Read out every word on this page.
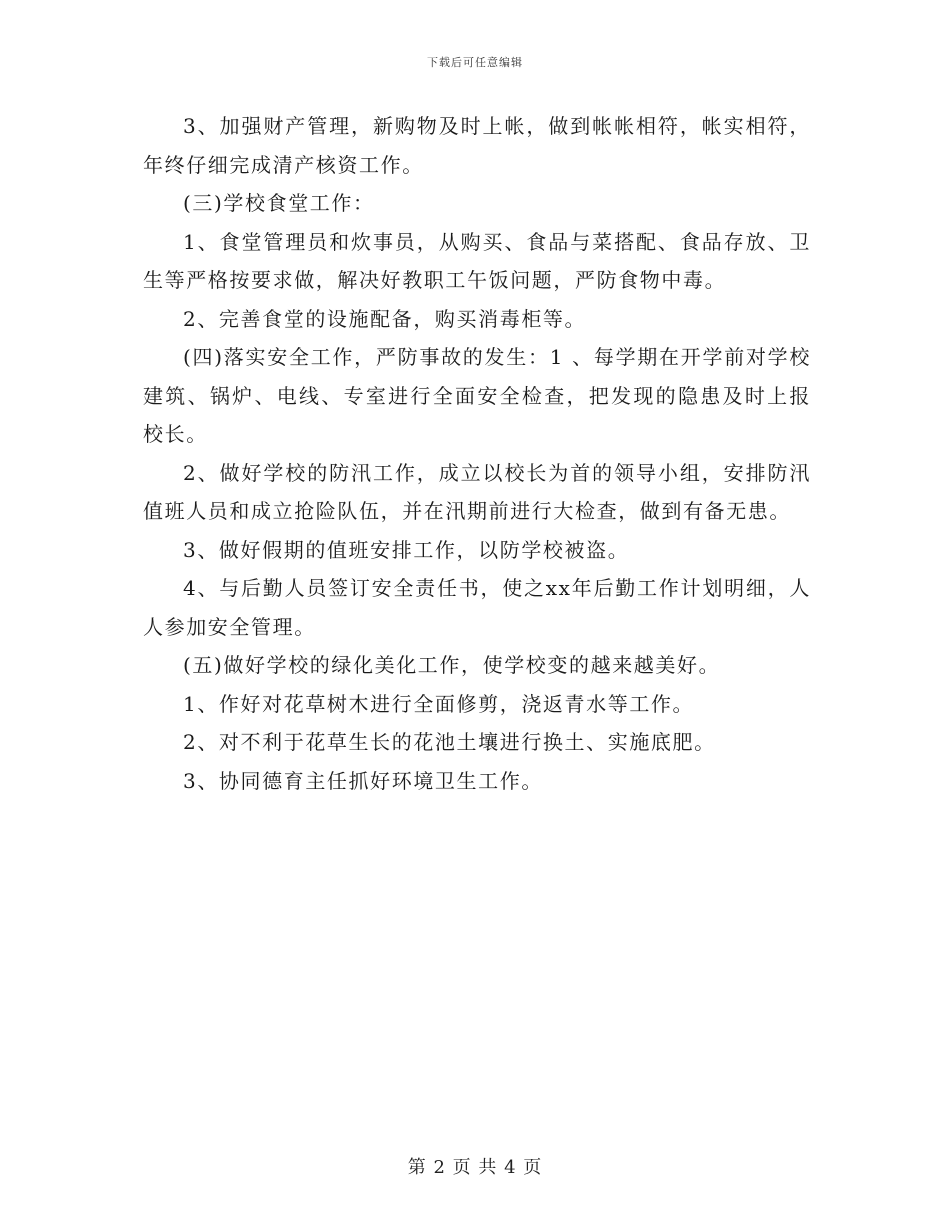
下载后可任意编辑

3、加强财产管理，新购物及时上帐，做到帐帐相符，帐实相符，年终仔细完成清产核资工作。

(三)学校食堂工作：

1、食堂管理员和炊事员，从购买、食品与菜搭配、食品存放、卫生等严格按要求做，解决好教职工午饭问题，严防食物中毒。

2、完善食堂的设施配备，购买消毒柜等。

(四)落实安全工作，严防事故的发生：1 、每学期在开学前对学校建筑、锅炉、电线、专室进行全面安全检查，把发现的隐患及时上报校长。

2、做好学校的防汛工作，成立以校长为首的领导小组，安排防汛值班人员和成立抢险队伍，并在汛期前进行大检查，做到有备无患。

3、做好假期的值班安排工作，以防学校被盗。

4、与后勤人员签订安全责任书，使之xx年后勤工作计划明细，人人参加安全管理。

(五)做好学校的绿化美化工作，使学校变的越来越美好。

1、作好对花草树木进行全面修剪，浇返青水等工作。

2、对不利于花草生长的花池土壤进行换土、实施底肥。

3、协同德育主任抓好环境卫生工作。

第 2 页 共 4 页
